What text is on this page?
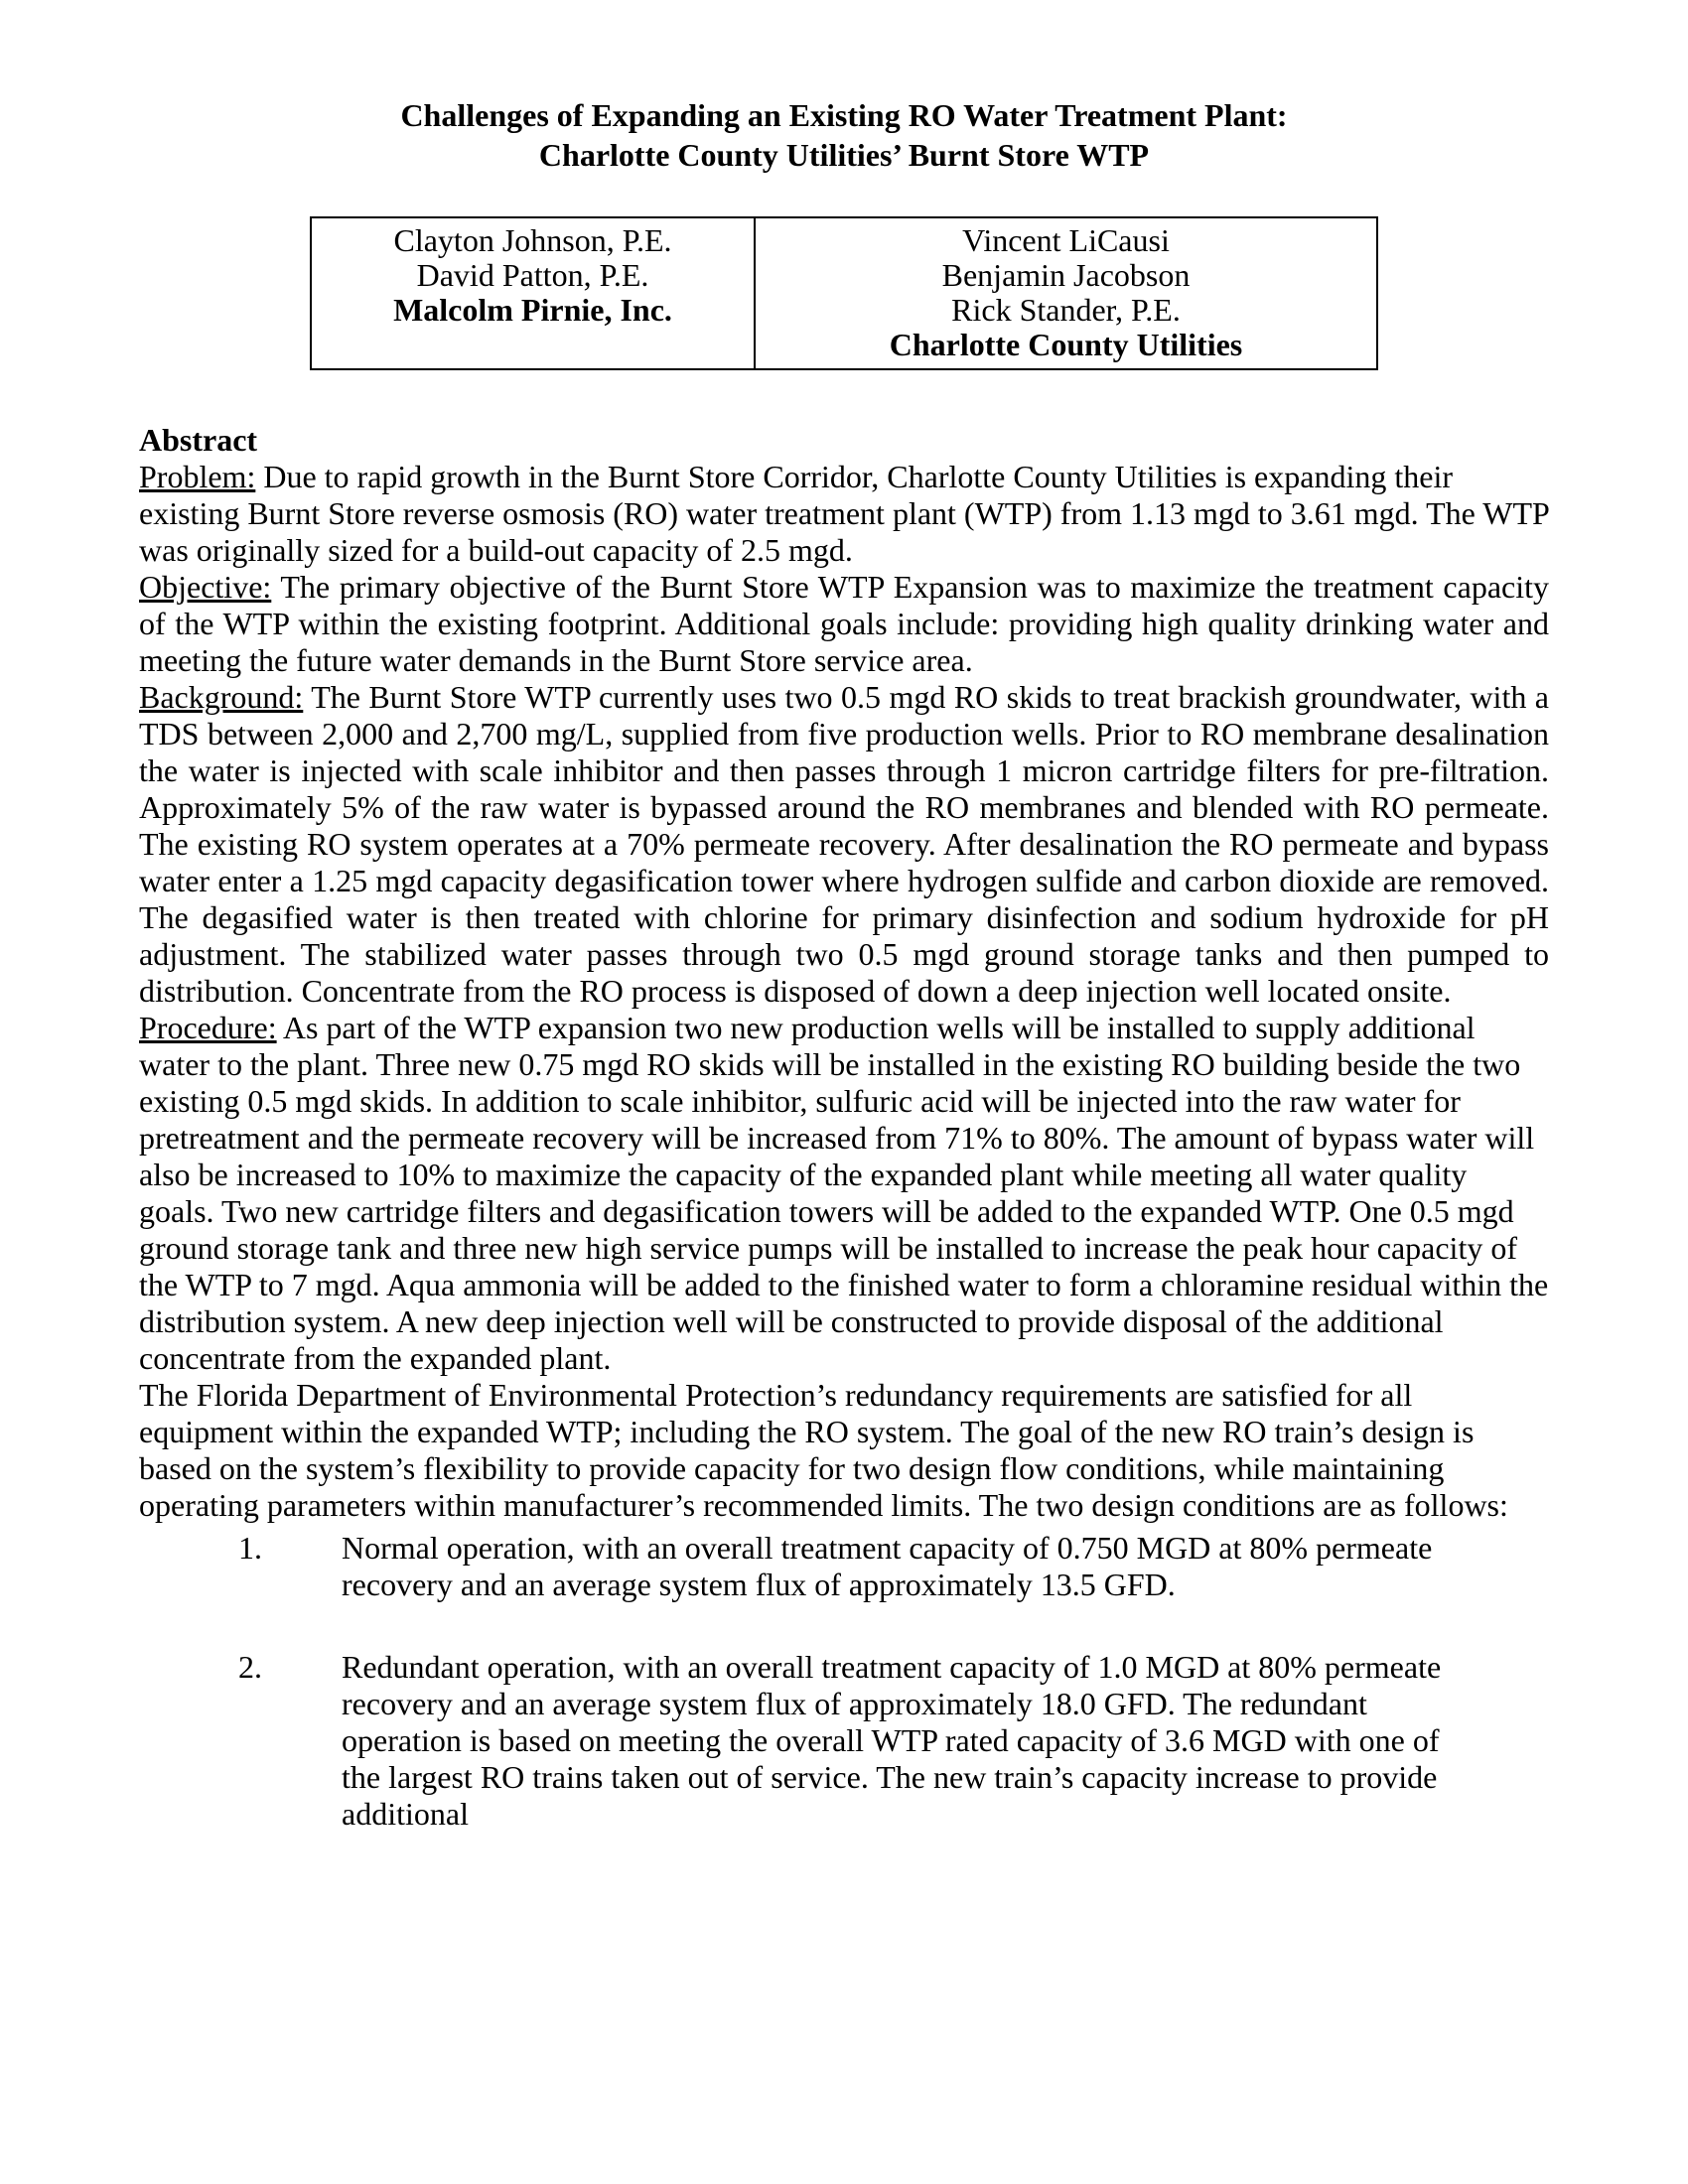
Challenges of Expanding an Existing RO Water Treatment Plant:
Charlotte County Utilities’ Burnt Store WTP
Clayton Johnson, P.E.
David Patton, P.E.
Malcolm Pirnie, Inc.

Vincent LiCausi
Benjamin Jacobson
Rick Stander, P.E.
Charlotte County Utilities
Abstract

Problem: Due to rapid growth in the Burnt Store Corridor, Charlotte County Utilities is expanding their existing Burnt Store reverse osmosis (RO) water treatment plant (WTP) from 1.13 mgd to 3.61 mgd. The WTP was originally sized for a build-out capacity of 2.5 mgd.

Objective: The primary objective of the Burnt Store WTP Expansion was to maximize the treatment capacity of the WTP within the existing footprint. Additional goals include: providing high quality drinking water and meeting the future water demands in the Burnt Store service area.

Background: The Burnt Store WTP currently uses two 0.5 mgd RO skids to treat brackish groundwater, with a TDS between 2,000 and 2,700 mg/L, supplied from five production wells. Prior to RO membrane desalination the water is injected with scale inhibitor and then passes through 1 micron cartridge filters for pre-filtration. Approximately 5% of the raw water is bypassed around the RO membranes and blended with RO permeate. The existing RO system operates at a 70% permeate recovery. After desalination the RO permeate and bypass water enter a 1.25 mgd capacity degasification tower where hydrogen sulfide and carbon dioxide are removed. The degasified water is then treated with chlorine for primary disinfection and sodium hydroxide for pH adjustment. The stabilized water passes through two 0.5 mgd ground storage tanks and then pumped to distribution. Concentrate from the RO process is disposed of down a deep injection well located onsite.

Procedure: As part of the WTP expansion two new production wells will be installed to supply additional water to the plant. Three new 0.75 mgd RO skids will be installed in the existing RO building beside the two existing 0.5 mgd skids. In addition to scale inhibitor, sulfuric acid will be injected into the raw water for pretreatment and the permeate recovery will be increased from 71% to 80%. The amount of bypass water will also be increased to 10% to maximize the capacity of the expanded plant while meeting all water quality goals. Two new cartridge filters and degasification towers will be added to the expanded WTP. One 0.5 mgd ground storage tank and three new high service pumps will be installed to increase the peak hour capacity of the WTP to 7 mgd. Aqua ammonia will be added to the finished water to form a chloramine residual within the distribution system. A new deep injection well will be constructed to provide disposal of the additional concentrate from the expanded plant.

The Florida Department of Environmental Protection’s redundancy requirements are satisfied for all equipment within the expanded WTP; including the RO system. The goal of the new RO train’s design is based on the system’s flexibility to provide capacity for two design flow conditions, while maintaining operating parameters within manufacturer’s recommended limits. The two design conditions are as follows:

1.	Normal operation, with an overall treatment capacity of 0.750 MGD at 80% permeate recovery and an average system flux of approximately 13.5 GFD.
2.	Redundant operation, with an overall treatment capacity of 1.0 MGD at 80% permeate recovery and an average system flux of approximately 18.0 GFD. The redundant operation is based on meeting the overall WTP rated capacity of 3.6 MGD with one of the largest RO trains taken out of service. The new train’s capacity increase to provide additional
